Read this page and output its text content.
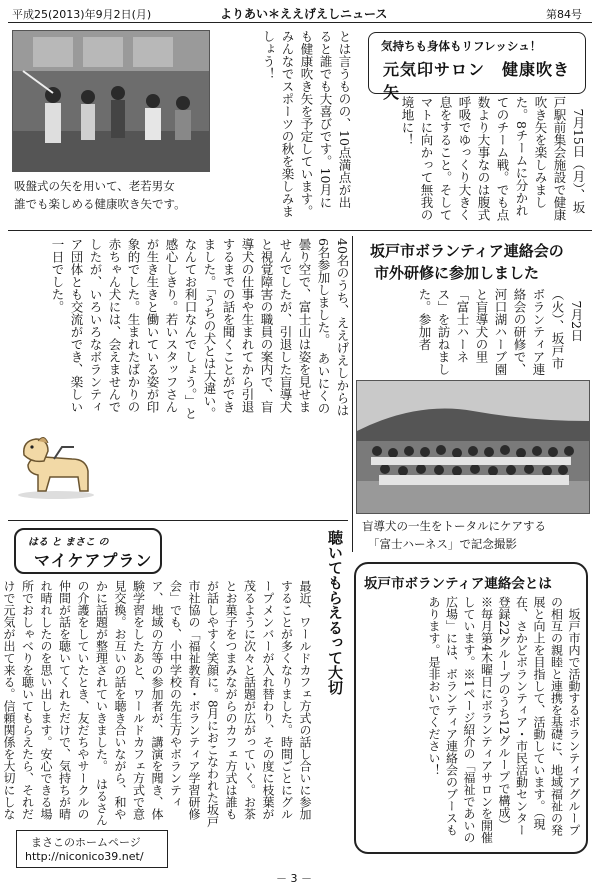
平成25(2013)年9月2日(月)	よりあい＊ええげえしニュース	第84号
吸盤式の矢を用いて、老若男女
誰でも楽しめる健康吹き矢です。	とは言うものの、10点満点が出ると誰でも大喜びです。10月にも健康吹き矢を予定しています。みんなでスポーツの秋を楽しみましょう！
　7月15日（月）、坂戸駅前集会施設で健康吹き矢を楽しみました。8チームに分かれてのチーム戦。でも点数より大事なのは腹式呼吸でゆっくり大きく息をすること。そしてマトに向かって無我の境地に！
気持ちも身体もリフレッシュ！
元気印サロン　健康吹き矢
坂戸市ボランティア連絡会の
市外研修に参加しました
　7月2日（火）、坂戸市ボランティア連絡会の研修で、河口湖ハーブ園と盲導犬の里「富士ハーネス」を訪ねました。参加者
盲導犬の一生をトータルにケアする
「富士ハーネス」で記念撮影
40名のうち、ええげえしからは6名参加しました。　あいにくの曇り空で、富士山は姿を見せませんでしたが、引退した盲導犬と視覚障害の職員の案内で、盲導犬の仕事や生まれてから引退するまでの話を聞くことができました。「うちの犬とは大違い。なんてお利口なんでしょう。」と感心しきり。若いスタッフさんが生き生きと働いている姿が印象的でした。生まれたばかりの赤ちゃん犬には、会えませんでしたが、いろいろなボランティア団体とも交流ができ、楽しい一日でした。
はる と まさこ の
マイケアプラン	聴いてもらえるって大切
最近、ワールドカフェ方式の話し合いに参加することが多くなりました。時間ごとにグループメンバーが入れ替わり、その度に枝葉が茂るように次々と話題が広がっていく。お茶とお菓子をつまみながらのカフェ方式は誰もが話しやすく笑顔に。8月におこなわれた坂戸市社協の「福祉教育・ボランティア学習研修会」でも、小中学校の先生方やボランティア、地域の方等の参加者が、講演を聞き、体験学習をしたあと、ワールドカフェ方式で意見交換。お互いの話を聴き合いながら、和やかに話題が整理されていきました。　はるさんの介護をしていたとき、友だちやサークルの仲間が話を聴いてくれただけで、気持ちが晴れ晴れしたのを思い出します。安心できる場所でおしゃべりを聴いてもらえたら、それだけで元気が出て来る。信頼関係を大切にしな
まさこのホームページ
http://niconico39.net/
坂戸市ボランティア連絡会とは
　坂戸市内で活動するボランティアグループの相互の親睦と連携を基礎に、地域福祉の発展と向上を目指して、活動しています。（現在、さかどボランティア・市民活動センター登録22グループのうち12グループで構成）　※毎月第4木曜日にボランティアサロンを開催しています。※1ページ紹介の「福祉であいの広場」には、ボランティア連絡会のブースもあります。是非おいでください！
－ 3 －
